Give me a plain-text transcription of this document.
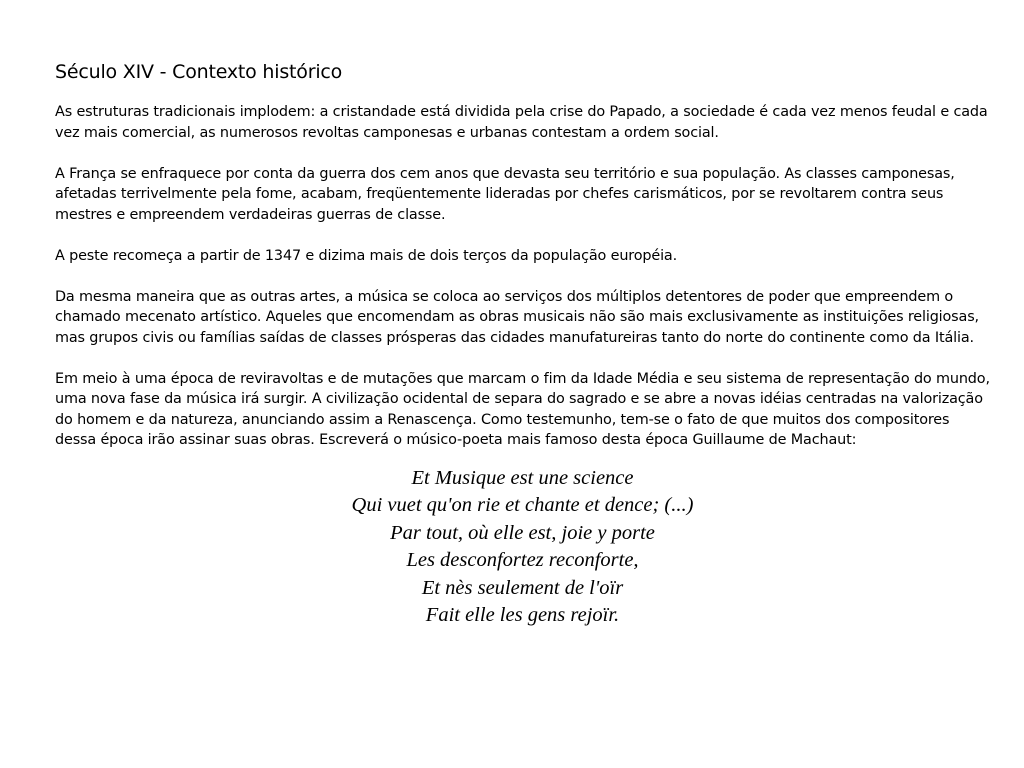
Século XIV - Contexto histórico

As estruturas tradicionais implodem: a cristandade está dividida pela crise do Papado, a sociedade é cada vez menos feudal e cada vez mais comercial, as numerosos revoltas camponesas e urbanas contestam a ordem social.

A França se enfraquece por conta da guerra dos cem anos que devasta seu território e sua população. As classes camponesas, afetadas terrivelmente pela fome, acabam, freqüentemente lideradas por chefes carismáticos, por se revoltarem contra seus mestres e empreendem verdadeiras guerras de classe.

A peste recomeça a partir de 1347 e dizima mais de dois terços da população européia.

Da mesma maneira que as outras artes, a música se coloca ao serviços dos múltiplos detentores de poder que empreendem o chamado mecenato artístico. Aqueles que encomendam as obras musicais não são mais exclusivamente as instituições religiosas, mas grupos civis ou famílias saídas de classes prósperas das cidades manufatureiras tanto do norte do continente como da Itália.

Em meio à uma época de reviravoltas e de mutações que marcam o fim da Idade Média e seu sistema de representação do mundo, uma nova fase da música irá surgir. A civilização ocidental de separa do sagrado e se abre a novas idéias centradas na valorização do homem e da natureza, anunciando assim a Renascença. Como testemunho, tem-se o fato de que muitos dos compositores dessa época irão assinar suas obras. Escreverá o músico-poeta mais famoso desta época Guillaume de Machaut:

Et Musique est une science
Qui vuet qu'on rie et chante et dence; (...)
Par tout, où elle est, joie y porte
Les desconfortez reconforte,
Et nès seulement de l'oïr
Fait elle les gens rejoïr.
